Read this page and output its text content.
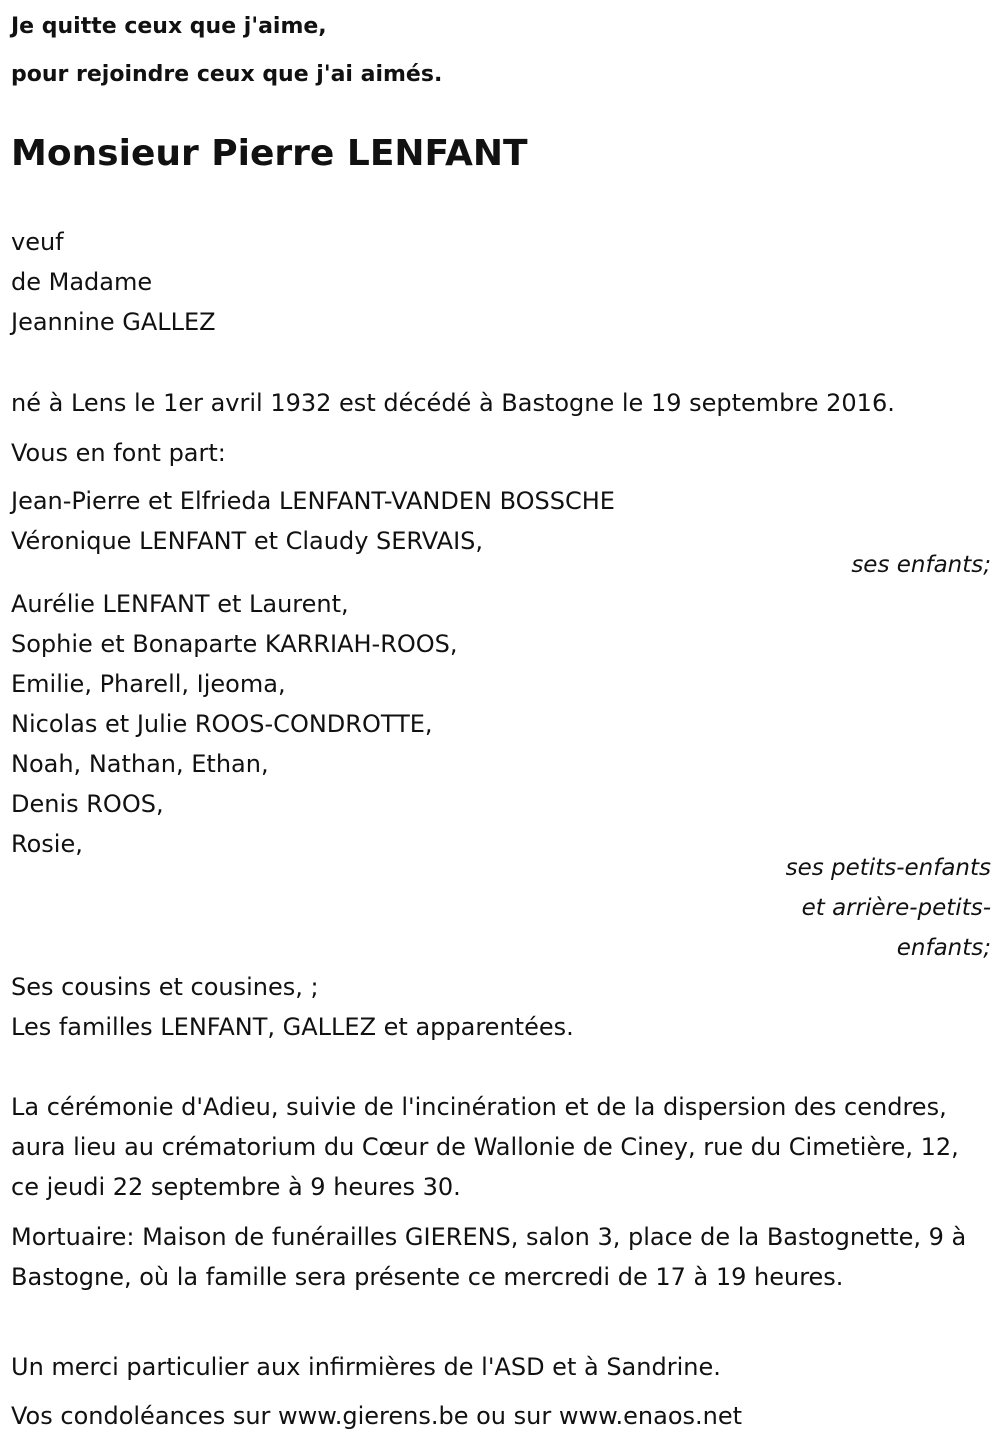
Je quitte ceux que j'aime,

pour rejoindre ceux que j'ai aimés.

Monsieur Pierre LENFANT
veuf
de Madame
Jeannine GALLEZ
né à Lens le 1er avril 1932 est décédé à Bastogne le 19 septembre 2016.
Vous en font part:
Jean-Pierre et Elfrieda LENFANT-VANDEN BOSSCHE
Véronique LENFANT et Claudy SERVAIS,
ses enfants;
Aurélie LENFANT et Laurent,
Sophie et Bonaparte KARRIAH-ROOS,
Emilie, Pharell, Ijeoma,
Nicolas et Julie ROOS-CONDROTTE,
Noah, Nathan, Ethan,
Denis ROOS,
Rosie,
ses petits-enfants
et arrière-petits-
enfants;
Ses cousins et cousines, ;
Les familles LENFANT, GALLEZ et apparentées.
La cérémonie d'Adieu, suivie de l'incinération et de la dispersion des cendres, aura lieu au crématorium du Cœur de Wallonie de Ciney, rue du Cimetière, 12, ce jeudi 22 septembre à 9 heures 30.
Mortuaire: Maison de funérailles GIERENS, salon 3, place de la Bastognette, 9 à Bastogne, où la famille sera présente ce mercredi de 17 à 19 heures.
Un merci particulier aux infirmières de l'ASD et à Sandrine.
Vos condoléances sur www.gierens.be ou sur www.enaos.net
